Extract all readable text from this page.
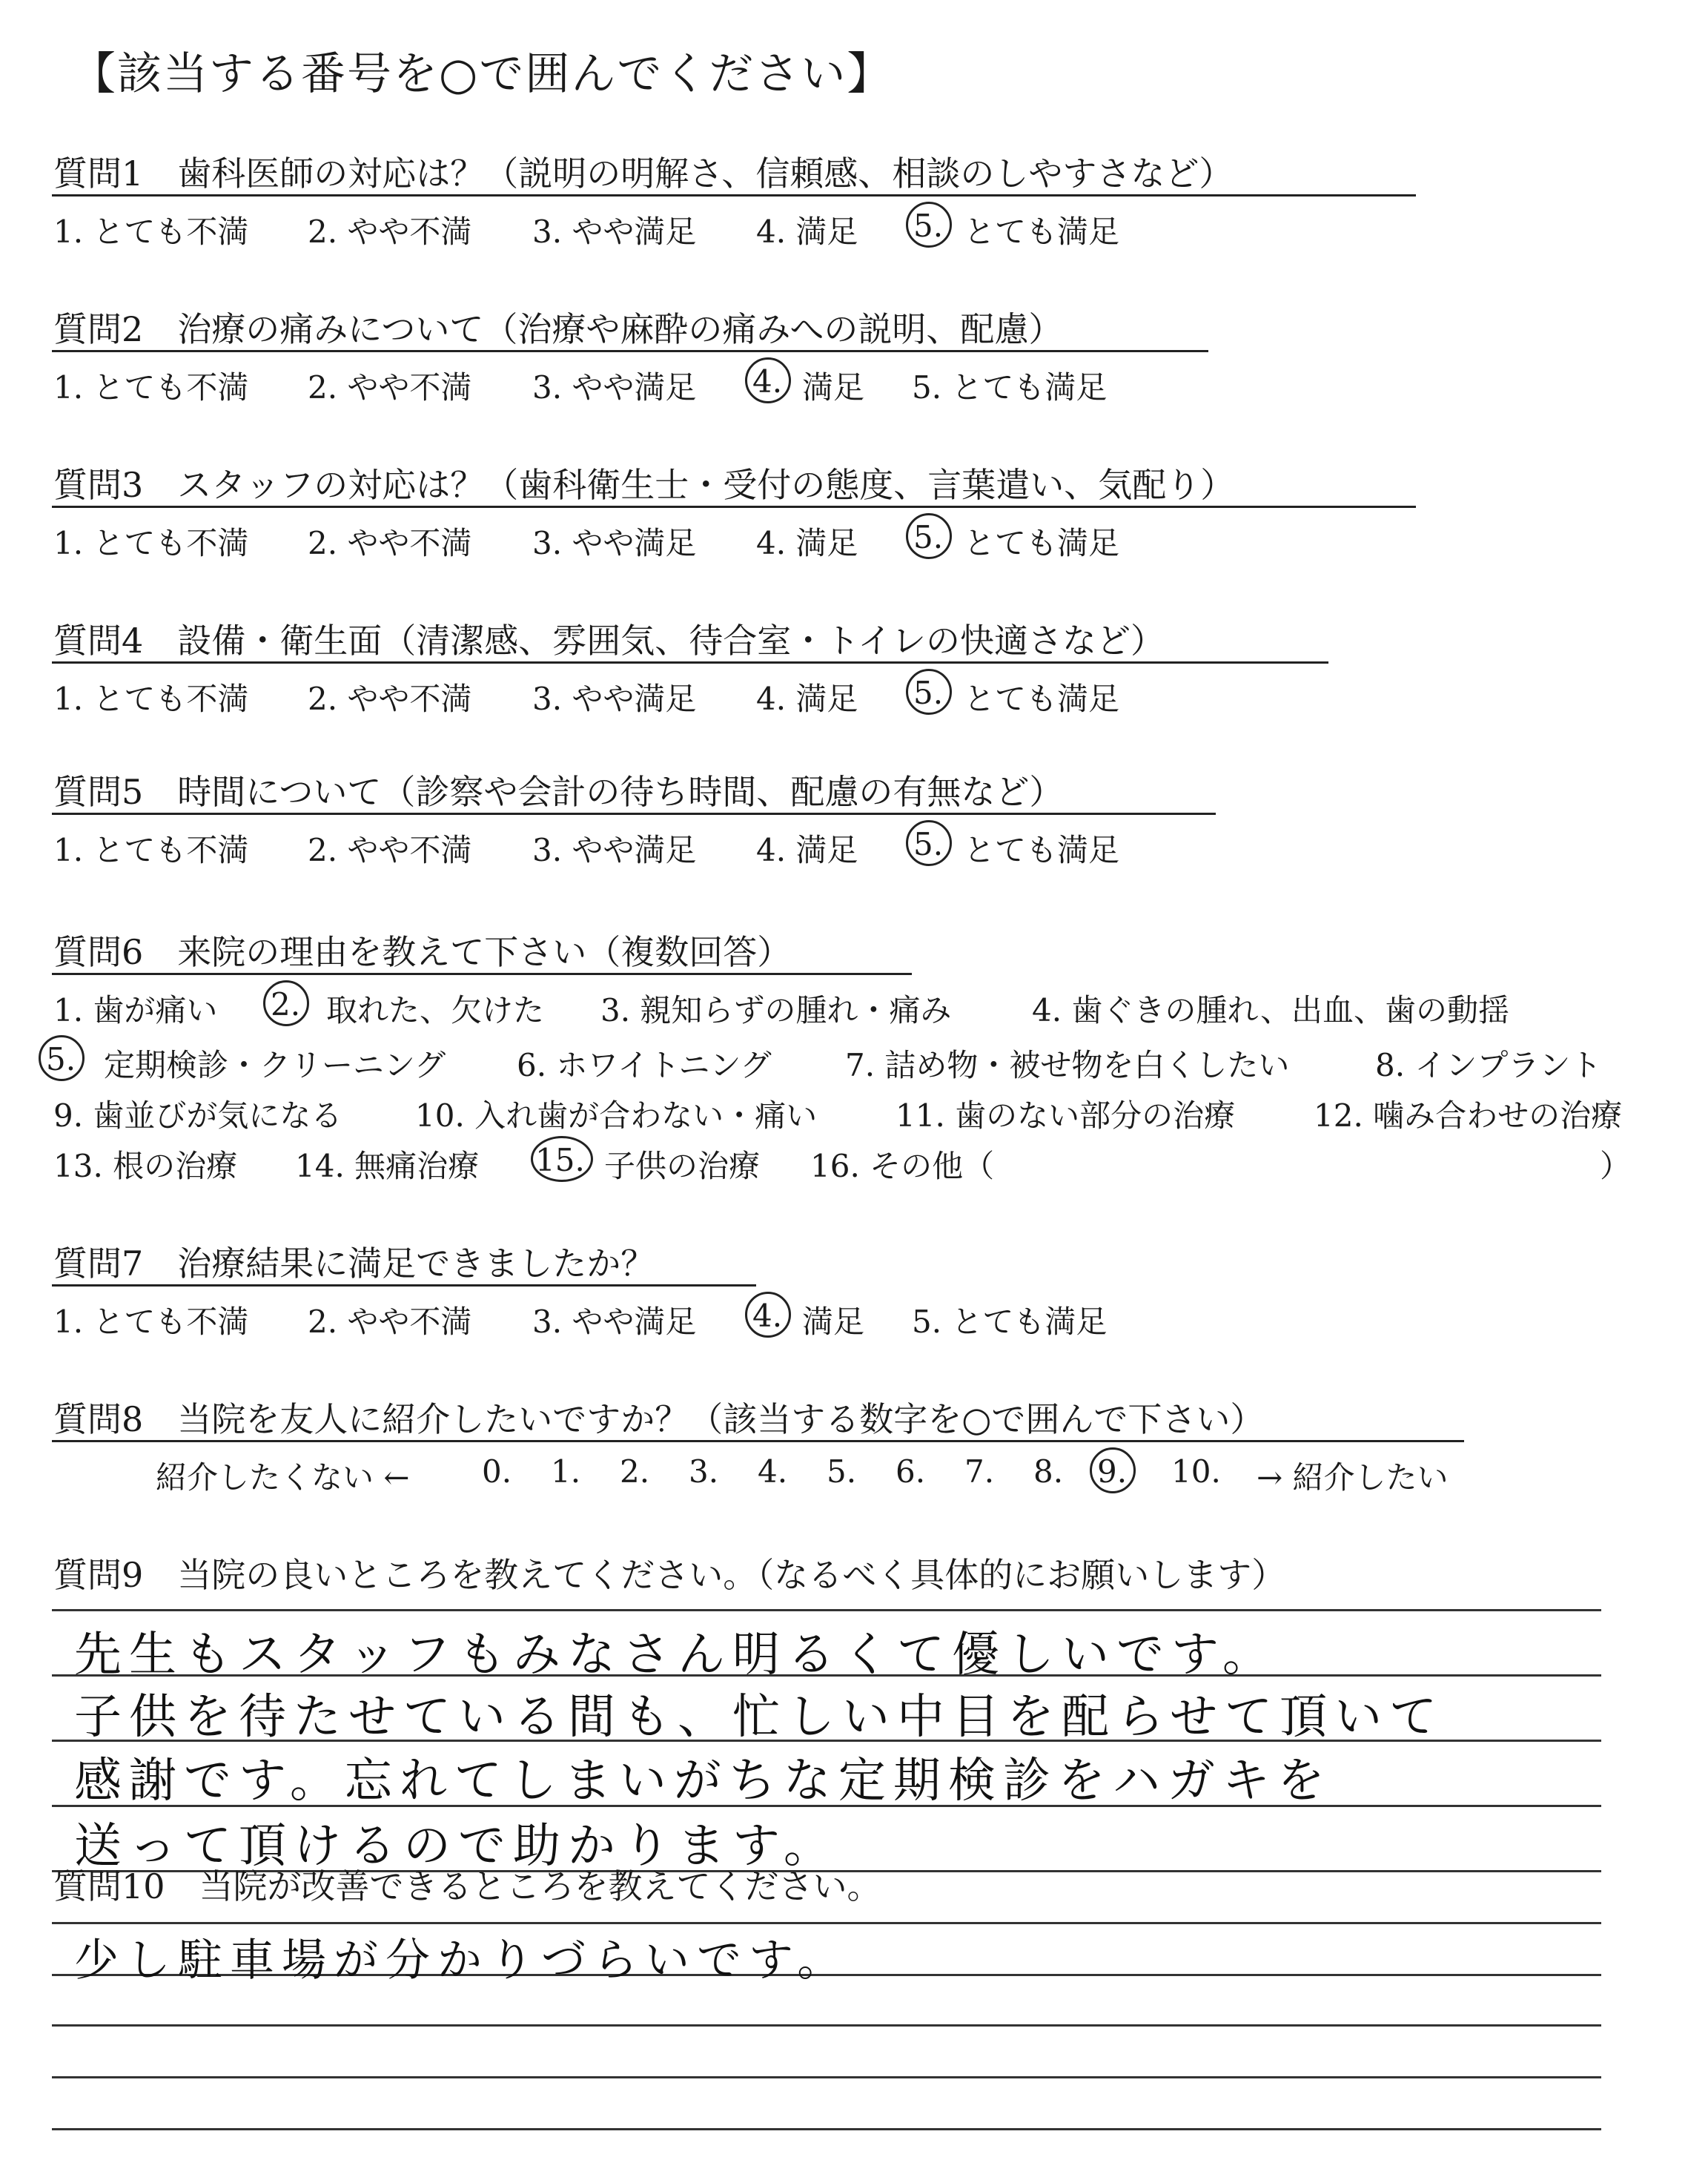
【該当する番号を○で囲んでください】
質問1　歯科医師の対応は？（説明の明解さ、信頼感、相談のしやすさなど）
1. とても不満 2. やや不満 3. やや満足 4. 満足 5. とても満足
質問2　治療の痛みについて（治療や麻酔の痛みへの説明、配慮）
1. とても不満 2. やや不満 3. やや満足 4. 満足 5. とても満足
質問3　スタッフの対応は？（歯科衛生士・受付の態度、言葉遣い、気配り）
1. とても不満 2. やや不満 3. やや満足 4. 満足 5. とても満足
質問4　設備・衛生面（清潔感、雰囲気、待合室・トイレの快適さなど）
1. とても不満 2. やや不満 3. やや満足 4. 満足 5. とても満足
質問5　時間について（診察や会計の待ち時間、配慮の有無など）
1. とても不満 2. やや不満 3. やや満足 4. 満足 5. とても満足
質問6　来院の理由を教えて下さい（複数回答）
1. 歯が痛い 2. 取れた、欠けた 3. 親知らずの腫れ・痛み	4. 歯ぐきの腫れ、出血、歯の動揺
5. 定期検診・クリーニング 6. ホワイトニング 7. 詰め物・被せ物を白くしたい	8. インプラント
9. 歯並びが気になる 10. 入れ歯が合わない・痛い	11. 歯のない部分の治療	12. 噛み合わせの治療
13. 根の治療 14. 無痛治療 15. 子供の治療 16. その他（	）
質問7　治療結果に満足できましたか？
1. とても不満 2. やや不満 3. やや満足 4. 満足 5. とても満足
質問8　当院を友人に紹介したいですか？（該当する数字を○で囲んで下さい）
紹介したくない ← 0. 1. 2. 3. 4. 5. 6. 7. 8. 9. 10. → 紹介したい
質問9　当院の良いところを教えてください。（なるべく具体的にお願いします）
先生もスタッフもみなさん明るくて優しいです。
子供を待たせている間も、忙しい中目を配らせて頂いて
感謝です。忘れてしまいがちな定期検診をハガキを
送って頂けるので助かります。
質問10　当院が改善できるところを教えてください。
少し駐車場が分かりづらいです。
